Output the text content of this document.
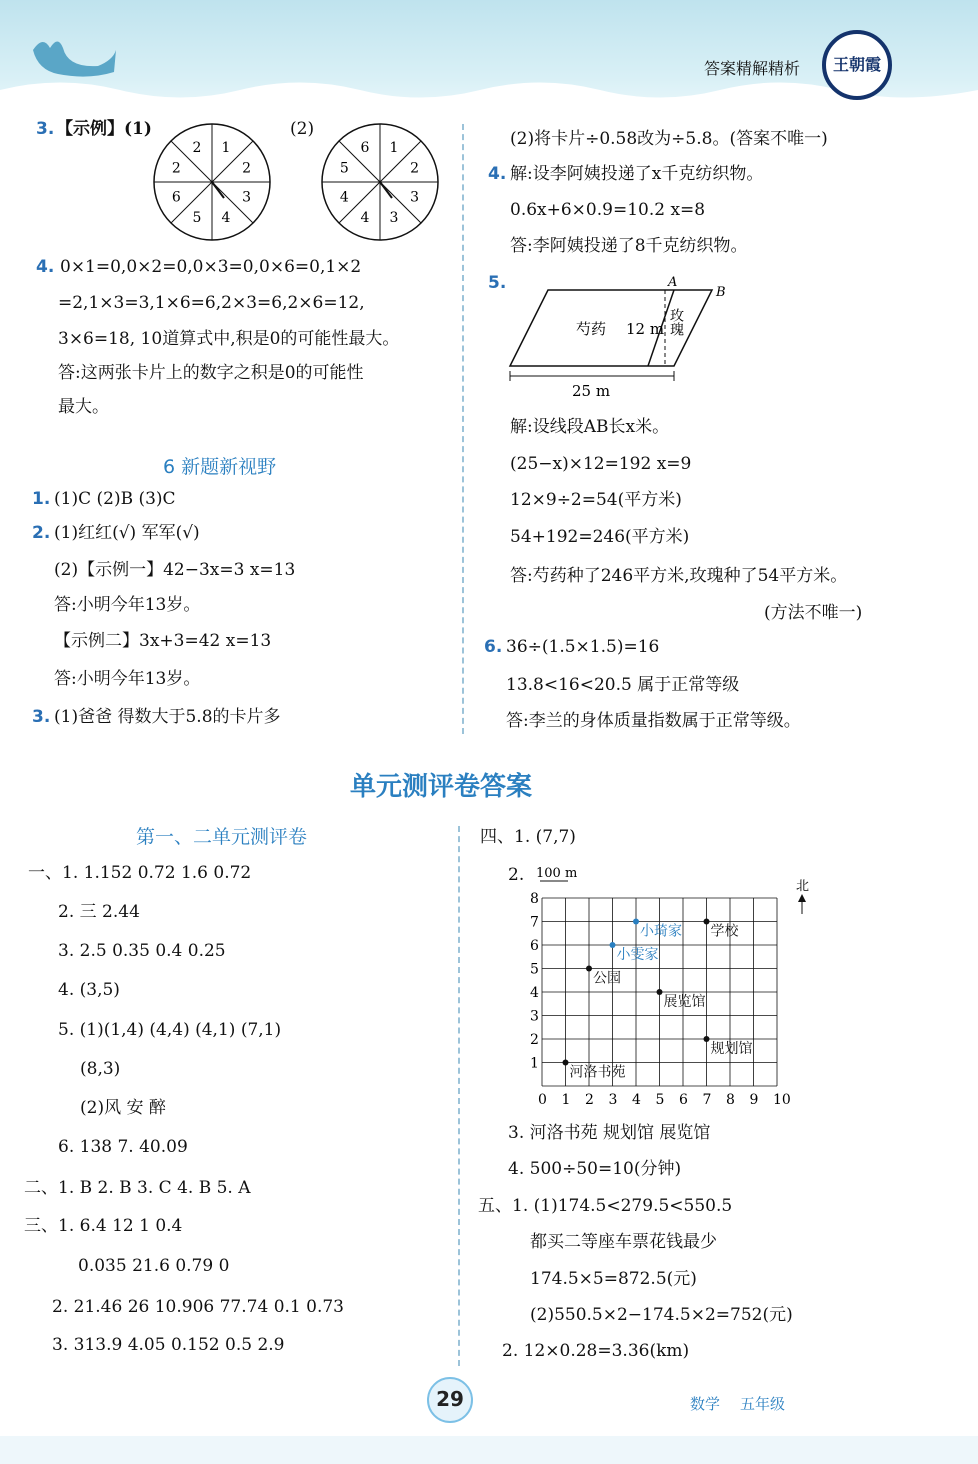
答案精解精析	王朝霞
3. 【示例】(1)	(2)
1
2
3
4
5
6
2
2	1
2
3
3
4
4
5
6
4. 0×1=0,0×2=0,0×3=0,0×6=0,1×2
=2,1×3=3,1×6=6,2×3=6,2×6=12,
3×6=18, 10道算式中,积是0的可能性最大。
答:这两张卡片上的数字之积是0的可能性
最大。
6 新题新视野
1. (1)C (2)B (3)C
2. (1)红红(√) 军军(√)
(2)【示例一】42−3x=3 x=13
答:小明今年13岁。
【示例二】3x+3=42 x=13
答:小明今年13岁。
3. (1)爸爸 得数大于5.8的卡片多
(2)将卡片÷0.58改为÷5.8。(答案不唯一)
4. 解:设李阿姨投递了x千克纺织物。
0.6x+6×0.9=10.2 x=8
答:李阿姨投递了8千克纺织物。
5.	A
B
芍药 12 m 玫瑰
25 m
解:设线段AB长x米。
(25−x)×12=192 x=9
12×9÷2=54(平方米)
54+192=246(平方米)
答:芍药种了246平方米,玫瑰种了54平方米。
(方法不唯一)
6. 36÷(1.5×1.5)=16
13.8<16<20.5 属于正常等级
答:李兰的身体质量指数属于正常等级。
单元测评卷答案
第一、二单元测评卷
一、1. 1.152 0.72 1.6 0.72
2. 三 2.44
3. 2.5 0.35 0.4 0.25
4. (3,5)
5. (1)(1,4) (4,4) (4,1) (7,1)
(8,3)
(2)风 安 醉
6. 138 7. 40.09
二、1. B 2. B 3. C 4. B 5. A
三、1. 6.4 12 1 0.4
0.035 21.6 0.79 0
2. 21.46 26 10.906 77.74 0.1 0.73
3. 313.9 4.05 0.152 0.5 2.9
四、1. (7,7)
2. 100 m
北
0 1 2 3 4 5 6 7 8 9 10
1
2
3
4
5
6
7
8
小琦家 学校
小雯家
公园
展览馆
规划馆
河洛书苑
3. 河洛书苑 规划馆 展览馆
4. 500÷50=10(分钟)
五、1. (1)174.5<279.5<550.5
都买二等座车票花钱最少
174.5×5=872.5(元)
(2)550.5×2−174.5×2=752(元)
2. 12×0.28=3.36(km)
29	数学 五年级
